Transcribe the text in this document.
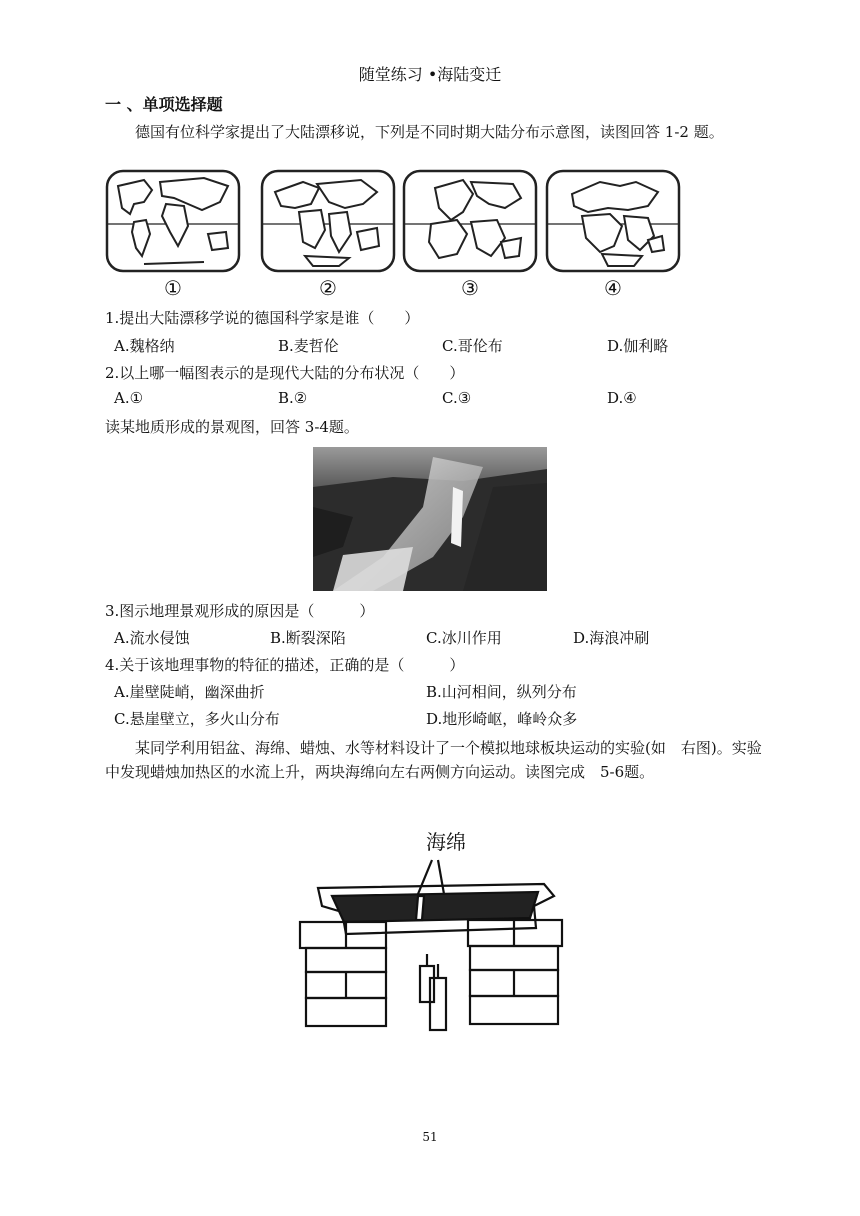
随堂练习 •海陆变迁
一 、单项选择题
德国有位科学家提出了大陆漂移说，下列是不同时期大陆分布示意图，读图回答 1-2 题。
①	②	③	④
1.提出大陆漂移学说的德国科学家是谁（　　）
A.魏格纳	B.麦哲伦	C.哥伦布	D.伽利略
2.以上哪一幅图表示的是现代大陆的分布状况（　　）
A.①	B.②	C.③	D.④
读某地质形成的景观图，回答 3-4题。
3.图示地理景观形成的原因是（　　　）
A.流水侵蚀	B.断裂深陷	C.冰川作用	D.海浪冲刷
4.关于该地理事物的特征的描述，正确的是（　　　）
A.崖壁陡峭，幽深曲折	B.山河相间，纵列分布
C.悬崖壁立，多火山分布	D.地形崎岖，峰岭众多
某同学利用铝盆、海绵、蜡烛、水等材料设计了一个模拟地球板块运动的实验(如　右图)。实验中发现蜡烛加热区的水流上升，两块海绵向左右两侧方向运动。读图完成　5-6题。
海绵
51
